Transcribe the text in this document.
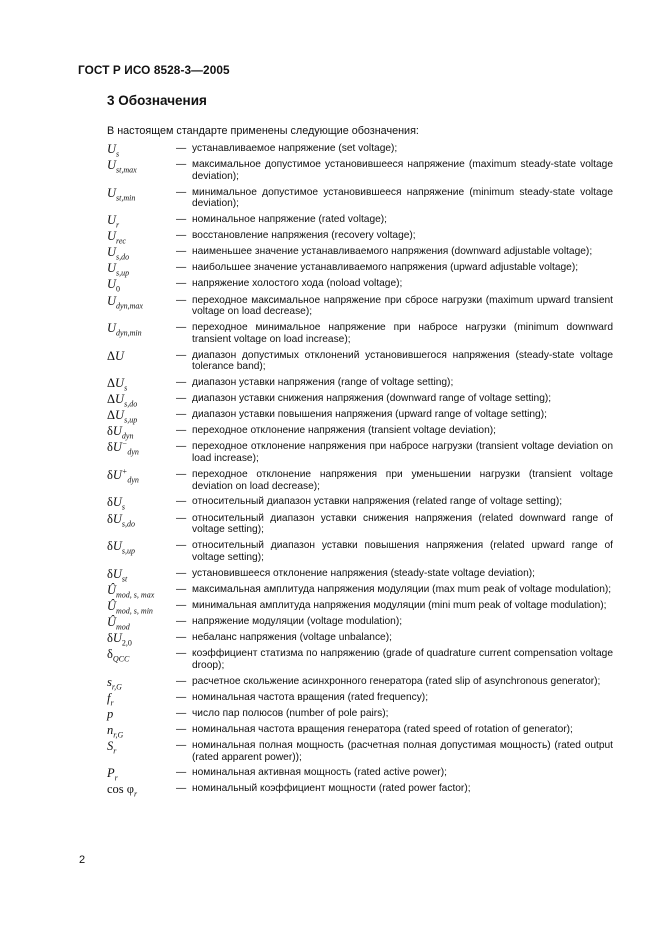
ГОСТ Р ИСО 8528-3—2005
3 Обозначения
В настоящем стандарте применены следующие обозначения:
$U_s$	— устанавливаемое напряжение (set voltage);
$U_{st,max}$	— максимальное допустимое установившееся напряжение (maximum steady-state voltage deviation);
$U_{st,min}$	— минимальное допустимое установившееся напряжение (minimum steady-state voltage deviation);
$U_r$	— номинальное напряжение (rated voltage);
$U_{rec}$	— восстановление напряжения (recovery voltage);
$U_{s,do}$	— наименьшее значение устанавливаемого напряжения (downward adjustable voltage);
$U_{s,up}$	— наибольшее значение устанавливаемого напряжения (upward adjustable voltage);
$U_0$	— напряжение холостого хода (noload voltage);
$U_{dyn,max}$	— переходное максимальное напряжение при сбросе нагрузки (maximum upward transient voltage on load decrease);
$U_{dyn,min}$	— переходное минимальное напряжение при набросе нагрузки (minimum downward transient voltage on load increase);
ΔU	— диапазон допустимых отклонений установившегося напряжения (steady-state voltage tolerance band);
$\Delta U_s$	— диапазон уставки напряжения (range of voltage setting);
$\Delta U_{s,do}$	— диапазон уставки снижения напряжения (downward range of voltage setting);
$\Delta U_{s,up}$	— диапазон уставки повышения напряжения (upward range of voltage setting);
$\delta U_{dyn}$	— переходное отклонение напряжения (transient voltage deviation);
$\delta U^-_{dyn}$	— переходное отклонение напряжения при набросе нагрузки (transient voltage deviation on load increase);
$\delta U^+_{dyn}$	— переходное отклонение напряжения при уменьшении нагрузки (transient voltage deviation on load decrease);
$\delta U_s$	— относительный диапазон уставки напряжения (related range of voltage setting);
$\delta U_{s,do}$	— относительный диапазон уставки снижения напряжения (related downward range of voltage setting);
$\delta U_{s,up}$	— относительный диапазон уставки повышения напряжения (related upward range of voltage setting);
$\delta U_{st}$	— установившееся отклонение напряжения (steady-state voltage deviation);
$Û_{mod, s, max}$	— максимальная амплитуда напряжения модуляции (max mum peak of voltage modulation);
$Û_{mod, s, min}$	— минимальная амплитуда напряжения модуляции (mini mum peak of voltage modulation);
$Û_{mod}$	— напряжение модуляции (voltage modulation);
$\delta U_{2,0}$	— небаланс напряжения (voltage unbalance);
$\delta_{QCC}$	— коэффициент статизма по напряжению (grade of quadrature current compensation voltage droop);
$s_{r,G}$	— расчетное скольжение асинхронного генератора (rated slip of asynchronous generator);
$f_r$	— номинальная частота вращения (rated frequency);
p	— число пар полюсов (number of pole pairs);
$n_{r,G}$	— номинальная частота вращения генератора (rated speed of rotation of generator);
$S_r$	— номинальная полная мощность (расчетная полная допустимая мощность) (rated output (rated apparent power));
$P_r$	— номинальная активная мощность (rated active power);
$\cos \varphi_r$	— номинальный коэффициент мощности (rated power factor);
2
